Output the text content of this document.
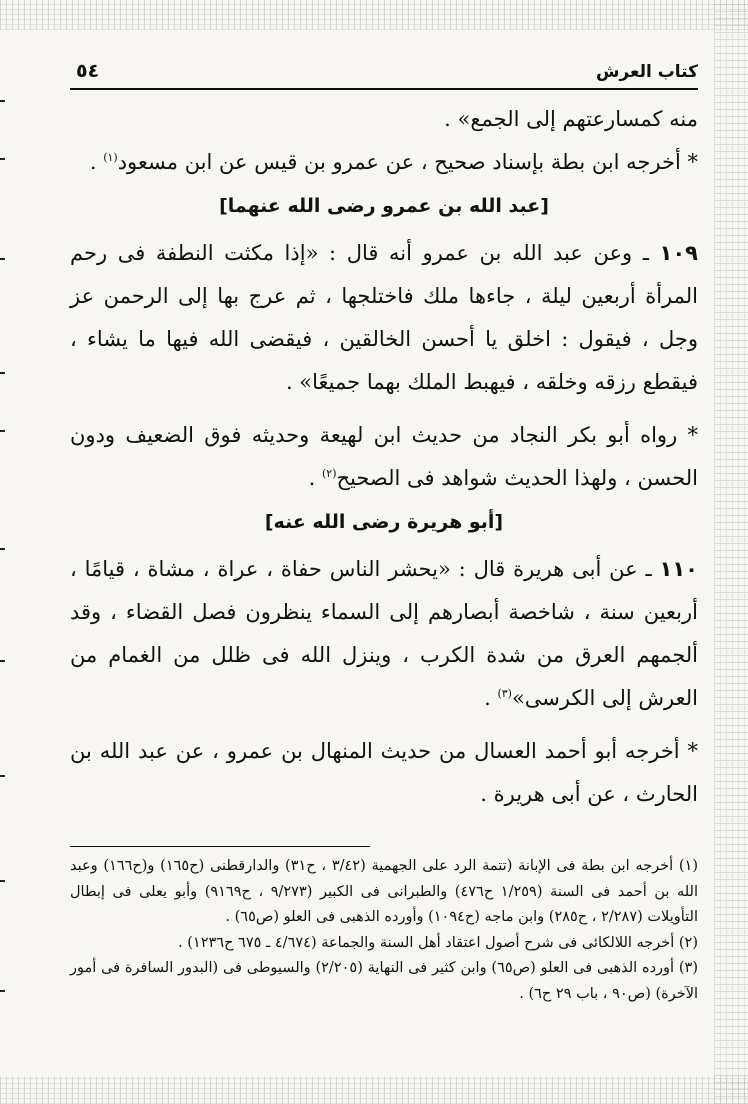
كتاب العرش
٥٤

منه كمسارعتهم إلى الجمع» .

* أخرجه ابن بطة بإسناد صحيح ، عن عمرو بن قيس عن ابن مسعود$^{(١)}$ .

[عبد الله بن عمرو رضى الله عنهما]

١٠٩ ـ وعن عبد الله بن عمرو أنه قال : «إذا مكثت النطفة فى رحم المرأة أربعين ليلة ، جاءها ملك فاختلجها ، ثم عرج بها إلى الرحمن عز وجل ، فيقول : اخلق يا أحسن الخالقين ، فيقضى الله فيها ما يشاء ، فيقطع رزقه وخلقه ، فيهبط الملك بهما جميعًا» .

* رواه أبو بكر النجاد من حديث ابن لهيعة وحديثه فوق الضعيف ودون الحسن ، ولهذا الحديث شواهد فى الصحيح$^{(٢)}$ .

[أبو هريرة رضى الله عنه]

١١٠ ـ عن أبى هريرة قال : «يحشر الناس حفاة ، عراة ، مشاة ، قيامًا ، أربعين سنة ، شاخصة أبصارهم إلى السماء ينظرون فصل القضاء ، وقد ألجمهم العرق من شدة الكرب ، وينزل الله فى ظلل من الغمام من العرش إلى الكرسى»$^{(٣)}$ .

* أخرجه أبو أحمد العسال من حديث المنهال بن عمرو ، عن عبد الله بن الحارث ، عن أبى هريرة .

(١) أخرجه ابن بطة فى الإبانة (تتمة الرد على الجهمية (٣/٤٢ ، ح٣١) والدارقطنى (ح١٦٥) و(ح١٦٦) وعبد الله بن أحمد فى السنة (١/٢٥٩ ح٤٧٦) والطبرانى فى الكبير (٩/٢٧٣ ، ح٩١٦٩) وأبو يعلى فى إبطال التأويلات (٢/٢٨٧ ، ح٢٨٥) وابن ماجه (ح١٠٩٤) وأورده الذهبى فى العلو (ص٦٥) .

(٢) أخرجه اللالكائى فى شرح أصول اعتقاد أهل السنة والجماعة (٤/٦٧٤ ـ ٦٧٥ ح١٢٣٦) .

(٣) أورده الذهبى فى العلو (ص٦٥) وابن كثير فى النهاية (٢/٢٠٥) والسيوطى فى (البدور السافرة فى أمور الآخرة) (ص٩٠ ، باب ٢٩ ح٦) .
